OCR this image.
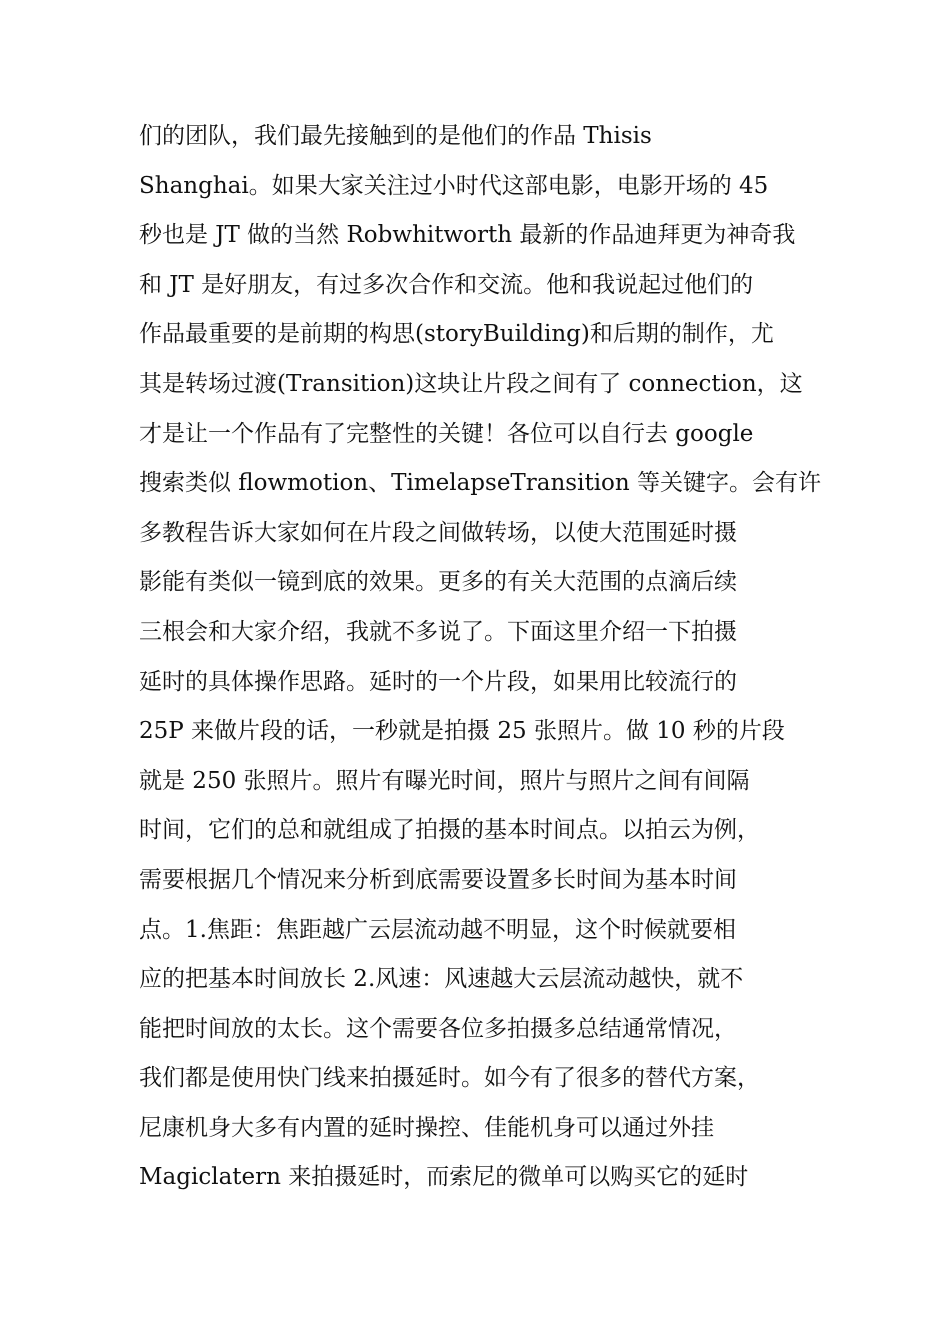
们的团队，我们最先接触到的是他们的作品 Thisis
Shanghai。如果大家关注过小时代这部电影，电影开场的 45
秒也是 JT 做的当然 Robwhitworth 最新的作品迪拜更为神奇我
和 JT 是好朋友，有过多次合作和交流。他和我说起过他们的
作品最重要的是前期的构思(storyBuilding)和后期的制作，尤
其是转场过渡(Transition)这块让片段之间有了 connection，这
才是让一个作品有了完整性的关键！各位可以自行去 google
搜索类似 flowmotion、TimelapseTransition 等关键字。会有许
多教程告诉大家如何在片段之间做转场，以使大范围延时摄
影能有类似一镜到底的效果。更多的有关大范围的点滴后续
三根会和大家介绍，我就不多说了。下面这里介绍一下拍摄
延时的具体操作思路。延时的一个片段，如果用比较流行的
25P 来做片段的话，一秒就是拍摄 25 张照片。做 10 秒的片段
就是 250 张照片。照片有曝光时间，照片与照片之间有间隔
时间，它们的总和就组成了拍摄的基本时间点。以拍云为例，
需要根据几个情况来分析到底需要设置多长时间为基本时间
点。1.焦距：焦距越广云层流动越不明显，这个时候就要相
应的把基本时间放长 2.风速：风速越大云层流动越快，就不
能把时间放的太长。这个需要各位多拍摄多总结通常情况，
我们都是使用快门线来拍摄延时。如今有了很多的替代方案，
尼康机身大多有内置的延时操控、佳能机身可以通过外挂
Magiclatern 来拍摄延时，而索尼的微单可以购买它的延时
